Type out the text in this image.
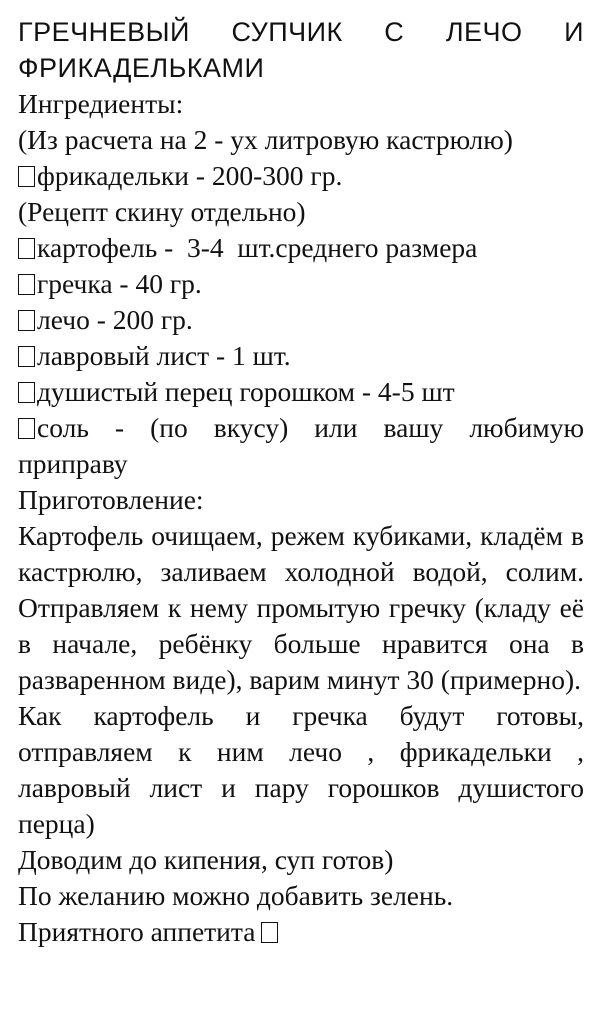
ГРЕЧНЕВЫЙ СУПЧИК С ЛЕЧО И ФРИКАДЕЛЬКАМИ

Ингредиенты:

(Из расчета на 2 - ух литровую кастрюлю)

фрикадельки - 200-300 гр.

(Рецепт скину отдельно)

картофель -  3-4  шт.среднего размера

гречка - 40 гр.

лечо - 200 гр.

лавровый лист - 1 шт.

душистый перец горошком - 4-5 шт

соль - (по вкусу) или вашу любимую приправу

Приготовление:

Картофель очищаем, режем кубиками, кладём в кастрюлю, заливаем холодной водой, солим. Отправляем к нему промытую гречку (кладу её в начале, ребёнку больше нравится она в разваренном виде), варим минут 30 (примерно).

Как картофель и гречка будут готовы, отправляем к ним лечо , фрикадельки , лавровый лист и пару горошков душистого перца)

Доводим до кипения, суп готов)

По желанию можно добавить зелень.

Приятного аппетита
